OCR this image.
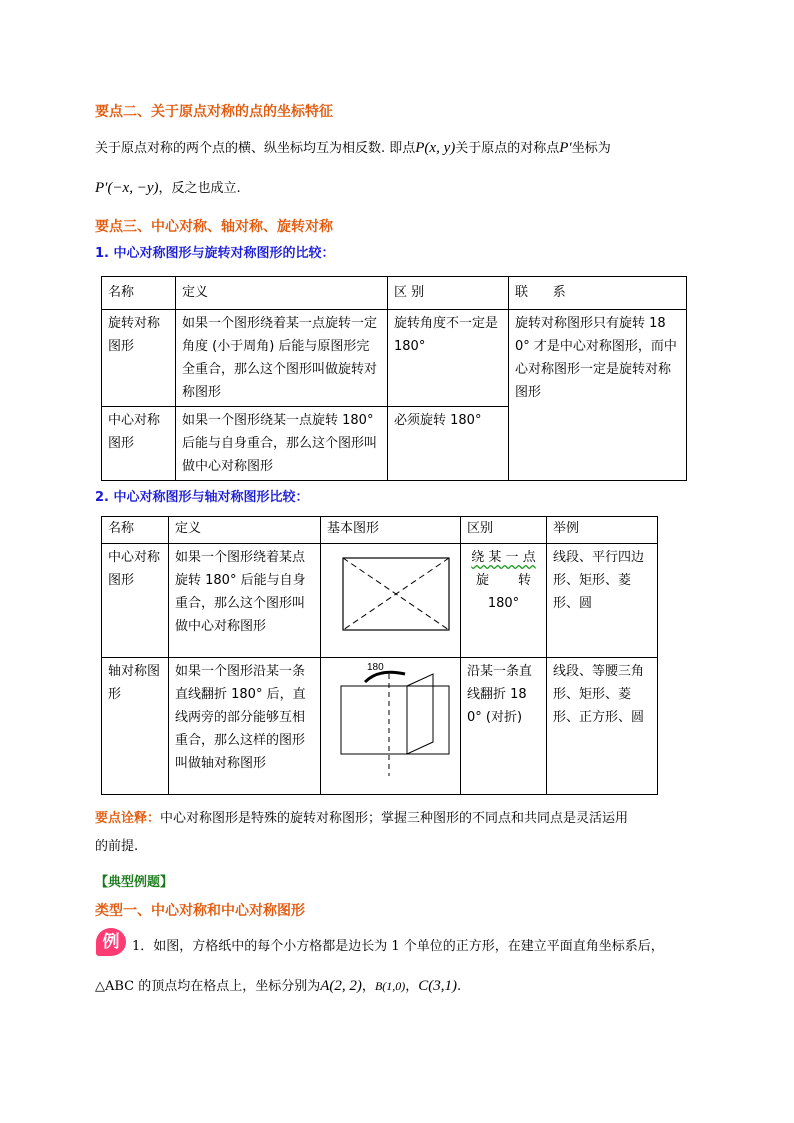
要点二、关于原点对称的点的坐标特征
关于原点对称的两个点的横、纵坐标均互为相反数. 即点P(x, y)关于原点的对称点P′坐标为
P′(−x, −y)，反之也成立.
要点三、中心对称、轴对称、旋转对称
1. 中心对称图形与旋转对称图形的比较：
名称	定义	区 别	联      系
旋转对称图形	如果一个图形绕着某一点旋转一定角度 (小于周角) 后能与原图形完全重合，那么这个图形叫做旋转对称图形	旋转角度不一定是 180°	旋转对称图形只有旋转 180° 才是中心对称图形，而中心对称图形一定是旋转对称图形
中心对称图形	如果一个图形绕某一点旋转 180° 后能与自身重合，那么这个图形叫做中心对称图形	必须旋转 180°	
2. 中心对称图形与轴对称图形比较：
名称	定义	基本图形	区别	举例
中心对称图形	如果一个图形绕着某点旋转 180° 后能与自身重合，那么这个图形叫做中心对称图形		绕 某 一 点
旋       转
180°	线段、平行四边形、矩形、菱形、圆
轴对称图形	如果一个图形沿某一条直线翻折 180° 后，直线两旁的部分能够互相重合，那么这样的图形叫做轴对称图形	180	沿某一条直线翻折 180° (对折)	线段、等腰三角形、矩形、菱形、正方形、圆
要点诠释：中心对称图形是特殊的旋转对称图形；掌握三种图形的不同点和共同点是灵活运用
的前提.
【典型例题】
类型一、中心对称和中心对称图形
例 1．如图，方格纸中的每个小方格都是边长为 1 个单位的正方形，在建立平面直角坐标系后，
△ABC 的顶点均在格点上，坐标分别为A(2, 2)，B(1,0)，C(3,1).
